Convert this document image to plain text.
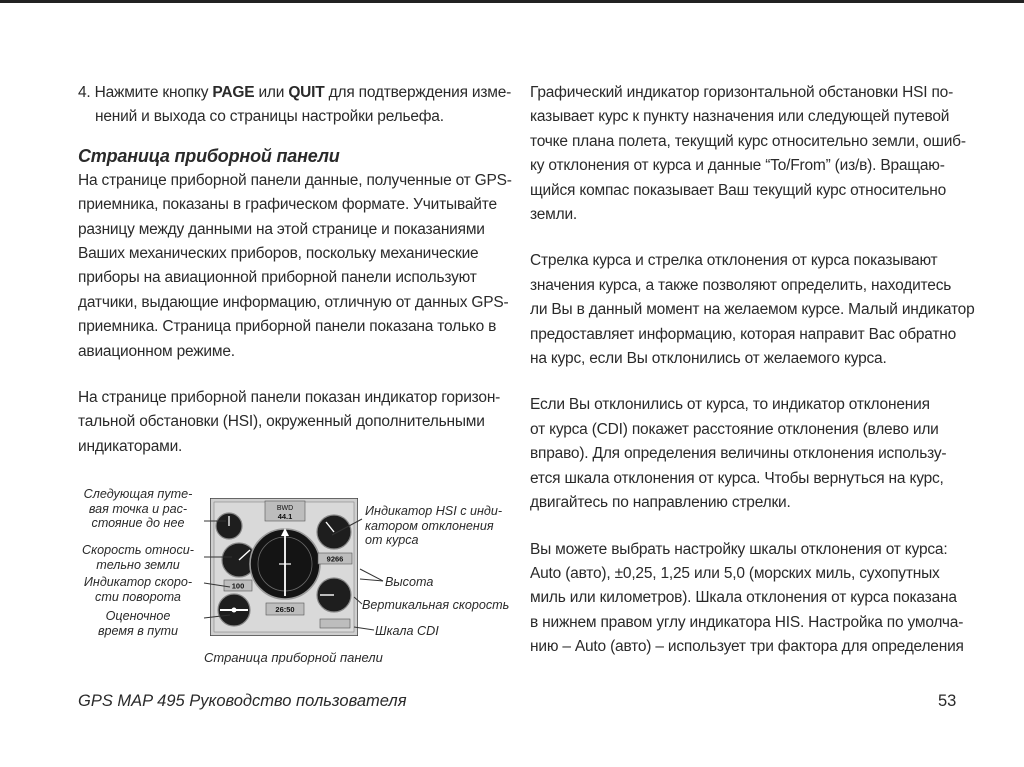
4. Нажмите кнопку PAGE или QUIT для подтверждения изме-
нений и выхода со страницы настройки рельефа.
Страница приборной панели
На странице приборной панели данные, полученные от GPS-
приемника, показаны в графическом формате. Учитывайте
разницу между данными на этой странице и показаниями
Ваших механических приборов, поскольку механические
приборы на авиационной приборной панели используют
датчики, выдающие информацию, отличную от данных GPS-
приемника. Страница приборной панели показана только в
авиационном режиме.
На странице приборной панели показан индикатор горизон-
тальной обстановки (HSI), окруженный дополнительными
индикаторами.
Следующая путе-
вая точка и рас-
стояние до нее
Скорость относи-
тельно земли
Индикатор скоро-
сти поворота
Оценочное
время в пути
BWD
44.1
100
9266
26:50
Индикатор HSI с инди-
катором отклонения
от курса
Высота
Вертикальная скорость
Шкала CDI
Страница приборной панели
Графический индикатор горизонтальной обстановки HSI по-
казывает курс к пункту назначения или следующей путевой
точке плана полета, текущий курс относительно земли, ошиб-
ку отклонения от курса и данные “To/From” (из/в). Вращаю-
щийся компас показывает Ваш текущий курс относительно
земли.
Стрелка курса и стрелка отклонения от курса показывают
значения курса, а также позволяют определить, находитесь
ли Вы в данный момент на желаемом курсе. Малый индикатор
предоставляет информацию, которая направит Вас обратно
на курс, если Вы отклонились от желаемого курса.
Если Вы отклонились от курса, то индикатор отклонения
от курса (CDI) покажет расстояние отклонения (влево или
вправо). Для определения величины отклонения использу-
ется шкала отклонения от курса. Чтобы вернуться на курс,
двигайтесь по направлению стрелки.
Вы можете выбрать настройку шкалы отклонения от курса:
Auto (авто), ±0,25, 1,25 или 5,0 (морских миль, сухопутных
миль или километров). Шкала отклонения от курса показана
в нижнем правом углу индикатора HIS. Настройка по умолча-
нию – Auto (авто) – использует три фактора для определения
GPS MAP 495 Руководство пользователя	53
